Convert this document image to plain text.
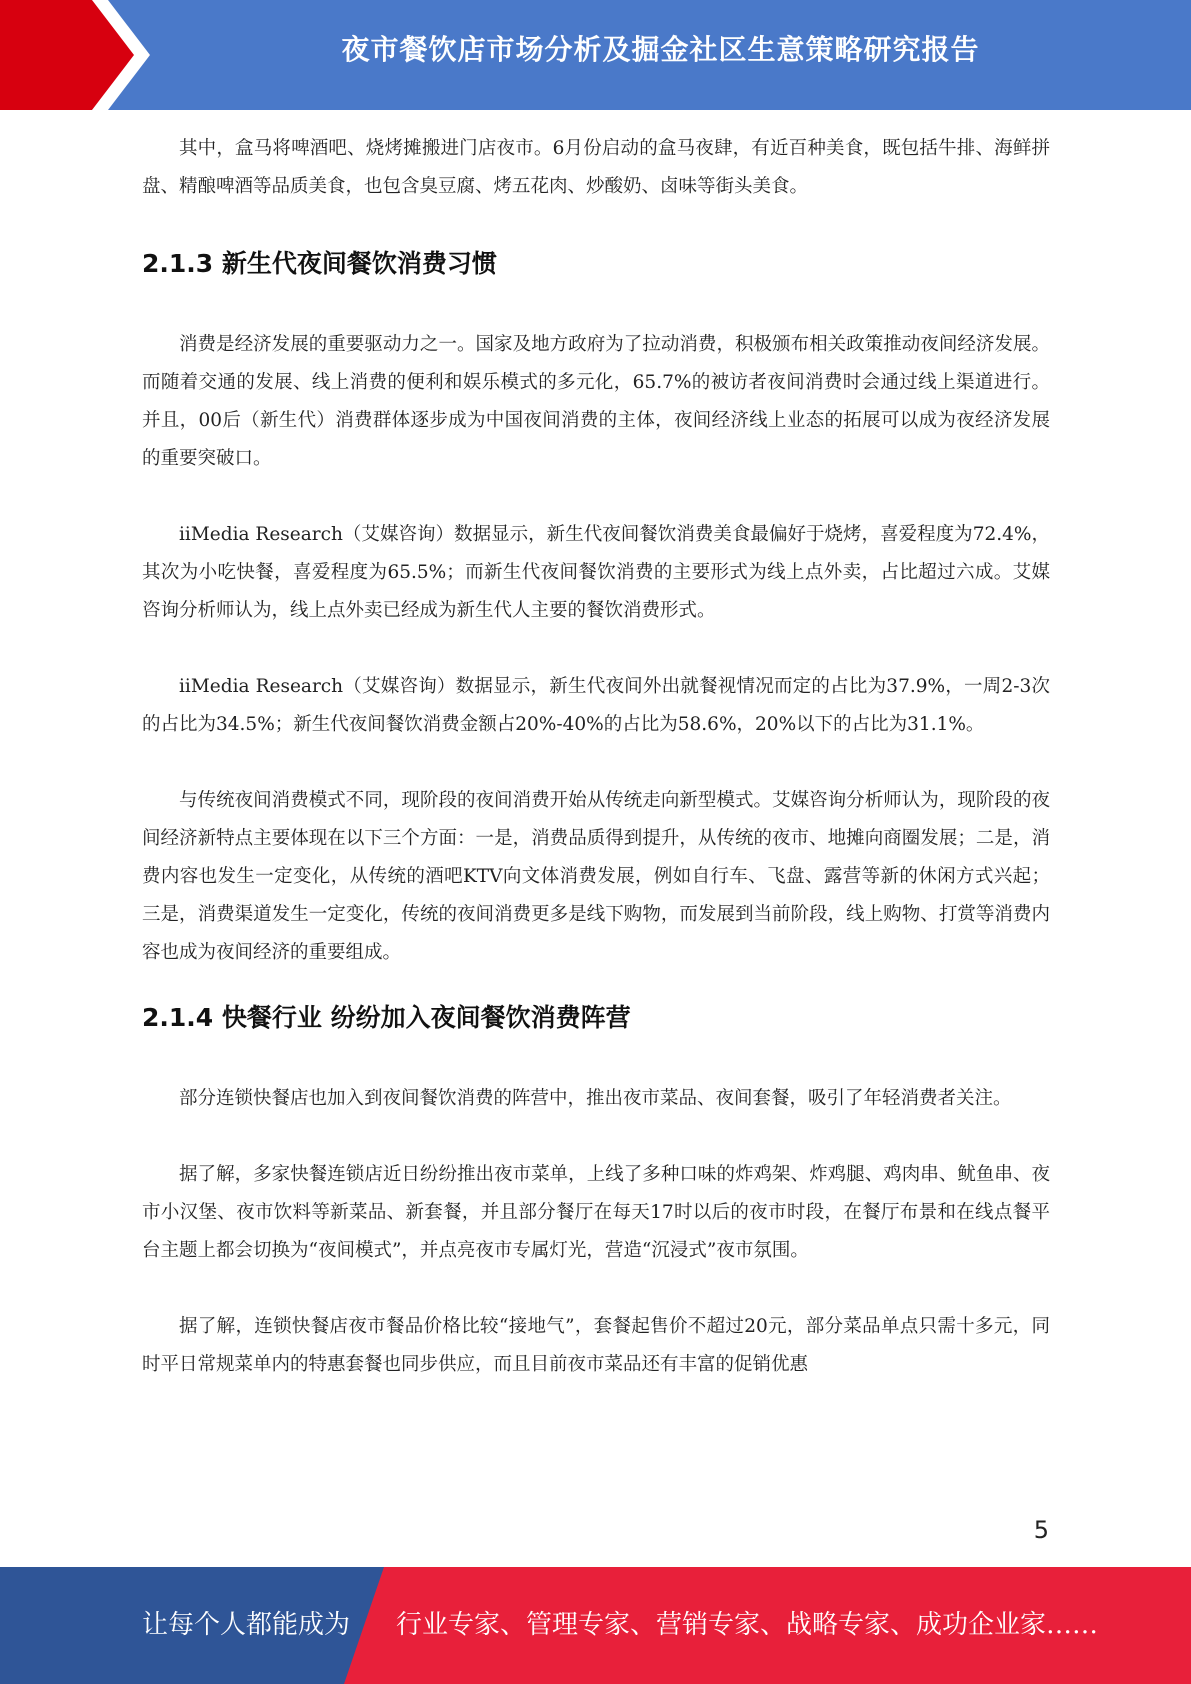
夜市餐饮店市场分析及掘金社区生意策略研究报告

其中，盒马将啤酒吧、烧烤摊搬进门店夜市。6月份启动的盒马夜肆，有近百种美食，既包括牛排、海鲜拼盘、精酿啤酒等品质美食，也包含臭豆腐、烤五花肉、炒酸奶、卤味等街头美食。

2.1.3 新生代夜间餐饮消费习惯

消费是经济发展的重要驱动力之一。国家及地方政府为了拉动消费，积极颁布相关政策推动夜间经济发展。而随着交通的发展、线上消费的便利和娱乐模式的多元化，65.7%的被访者夜间消费时会通过线上渠道进行。并且，00后（新生代）消费群体逐步成为中国夜间消费的主体，夜间经济线上业态的拓展可以成为夜经济发展的重要突破口。

iiMedia Research（艾媒咨询）数据显示，新生代夜间餐饮消费美食最偏好于烧烤，喜爱程度为72.4%，其次为小吃快餐，喜爱程度为65.5%；而新生代夜间餐饮消费的主要形式为线上点外卖，占比超过六成。艾媒咨询分析师认为，线上点外卖已经成为新生代人主要的餐饮消费形式。

iiMedia Research（艾媒咨询）数据显示，新生代夜间外出就餐视情况而定的占比为37.9%，一周2-3次的占比为34.5%；新生代夜间餐饮消费金额占20%-40%的占比为58.6%，20%以下的占比为31.1%。

与传统夜间消费模式不同，现阶段的夜间消费开始从传统走向新型模式。艾媒咨询分析师认为，现阶段的夜间经济新特点主要体现在以下三个方面：一是，消费品质得到提升，从传统的夜市、地摊向商圈发展；二是，消费内容也发生一定变化，从传统的酒吧KTV向文体消费发展，例如自行车、飞盘、露营等新的休闲方式兴起；三是，消费渠道发生一定变化，传统的夜间消费更多是线下购物，而发展到当前阶段，线上购物、打赏等消费内容也成为夜间经济的重要组成。

2.1.4 快餐行业 纷纷加入夜间餐饮消费阵营

部分连锁快餐店也加入到夜间餐饮消费的阵营中，推出夜市菜品、夜间套餐，吸引了年轻消费者关注。

据了解，多家快餐连锁店近日纷纷推出夜市菜单，上线了多种口味的炸鸡架、炸鸡腿、鸡肉串、鱿鱼串、夜市小汉堡、夜市饮料等新菜品、新套餐，并且部分餐厅在每天17时以后的夜市时段，在餐厅布景和在线点餐平台主题上都会切换为“夜间模式”，并点亮夜市专属灯光，营造“沉浸式”夜市氛围。

据了解，连锁快餐店夜市餐品价格比较“接地气”，套餐起售价不超过20元，部分菜品单点只需十多元，同时平日常规菜单内的特惠套餐也同步供应，而且目前夜市菜品还有丰富的促销优惠

5
让每个人都能成为 行业专家、管理专家、营销专家、战略专家、成功企业家……
